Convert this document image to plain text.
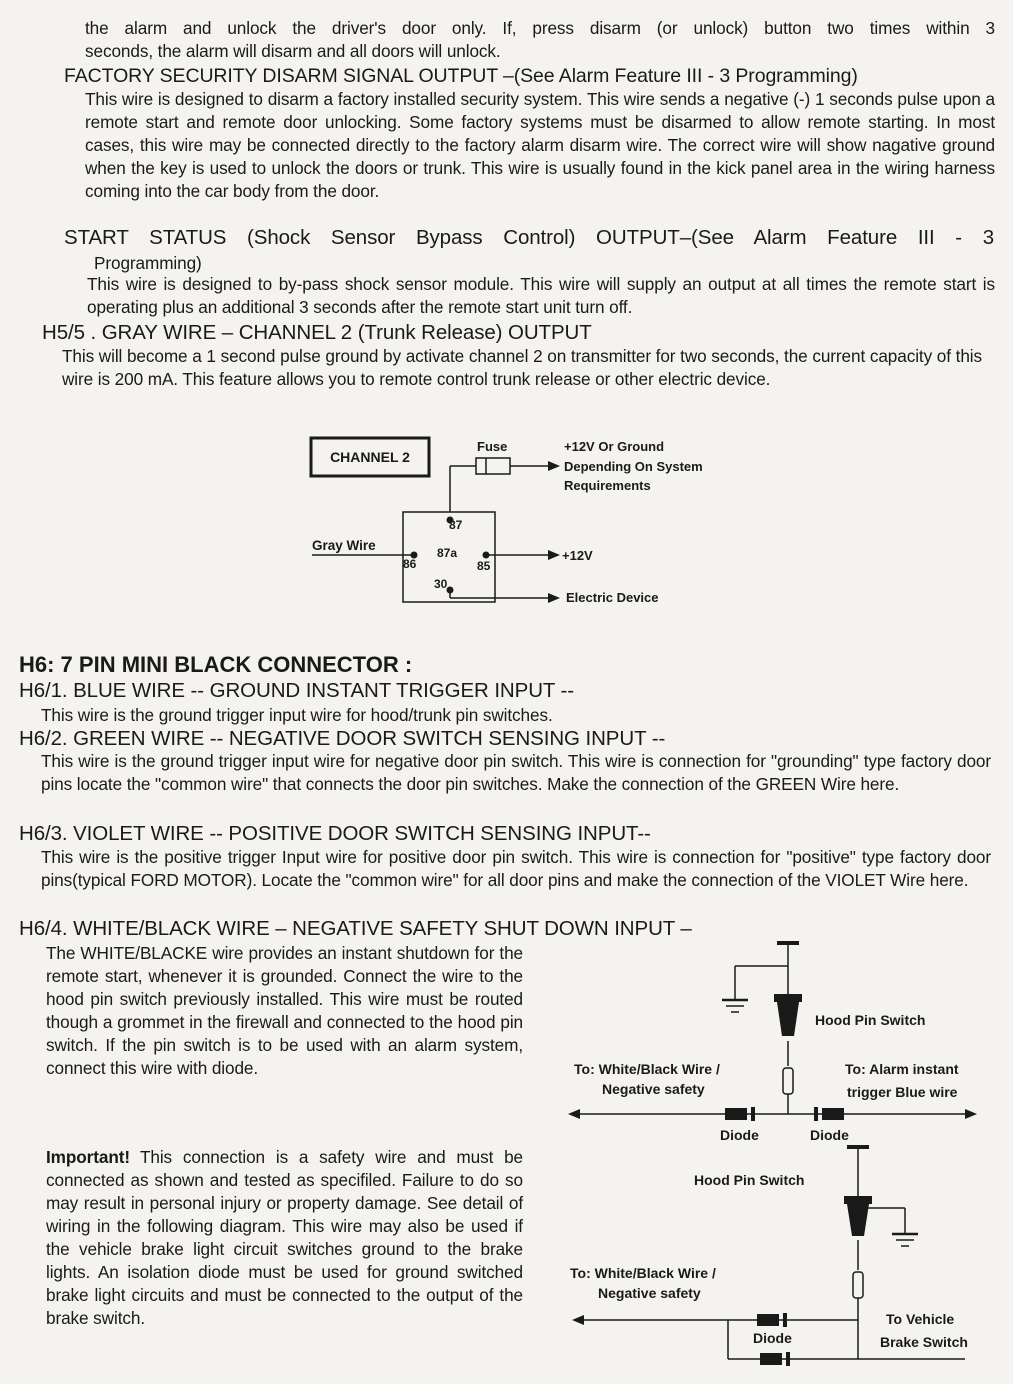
the alarm and unlock the driver's door only. If, press disarm (or unlock) button two times within 3
seconds, the alarm will disarm and all doors will unlock.
FACTORY SECURITY DISARM SIGNAL OUTPUT –(See Alarm Feature III - 3 Programming)
This wire is designed to disarm a factory installed security system. This wire sends a negative (-) 1 seconds pulse upon a remote start and remote door unlocking. Some factory systems must be disarmed to allow remote starting. In most cases, this wire may be connected directly to the factory alarm disarm wire. The correct wire will show nagative ground when the key is used to unlock the doors or trunk. This wire is usually found in the kick panel area in the wiring harness coming into the car body from the door.
START STATUS (Shock Sensor Bypass Control) OUTPUT–(See Alarm Feature III - 3
Programming)
This wire is designed to by-pass shock sensor module. This wire will supply an output at all times the remote start is operating plus an additional 3 seconds after the remote start unit turn off.
H5/5 . GRAY WIRE – CHANNEL 2 (Trunk Release) OUTPUT
This will become a 1 second pulse ground by activate channel 2 on transmitter for two seconds, the current capacity of this wire is 200 mA. This feature allows you to remote control trunk release or other electric device.
CHANNEL 2
Fuse	+12V Or Ground
Depending On System
Requirements
Gray Wire
87
87a
86	85
30
+12V
Electric Device
H6: 7 PIN MINI BLACK CONNECTOR :
H6/1. BLUE WIRE -- GROUND INSTANT TRIGGER INPUT --
This wire is the ground trigger input wire for hood/trunk pin switches.
H6/2. GREEN WIRE -- NEGATIVE DOOR SWITCH SENSING INPUT --
This wire is the ground trigger input wire for negative door pin switch. This wire is connection for "grounding" type factory door pins locate the "common wire" that connects the door pin switches. Make the connection of the GREEN Wire here.
H6/3. VIOLET WIRE -- POSITIVE DOOR SWITCH SENSING INPUT--
This wire is the positive trigger Input wire for positive door pin switch. This wire is connection for "positive" type factory door pins(typical FORD MOTOR). Locate the "common wire" for all door pins and make the connection of the VIOLET Wire here.
H6/4. WHITE/BLACK WIRE – NEGATIVE SAFETY SHUT DOWN INPUT –
The WHITE/BLACKE wire provides an instant shutdown for the remote start, whenever it is grounded. Connect the wire to the hood pin switch previously installed. This wire must be routed though a grommet in the firewall and connected to the hood pin switch. If the pin switch is to be used with an alarm system, connect this wire with diode.
Important! This connection is a safety wire and must be connected as shown and tested as specifiled. Failure to do so may result in personal injury or property damage. See detail of wiring in the following diagram. This wire may also be used if the vehicle brake light circuit switches ground to the brake lights. An isolation diode must be used for ground switched brake light circuits and must be connected to the output of the brake switch.
Hood Pin Switch
To: White/Black Wire /
Negative safety
To: Alarm instant
trigger Blue wire
Diode	Diode
Hood Pin Switch
To: White/Black Wire /
Negative safety
To Vehicle
Brake Switch
Diode
